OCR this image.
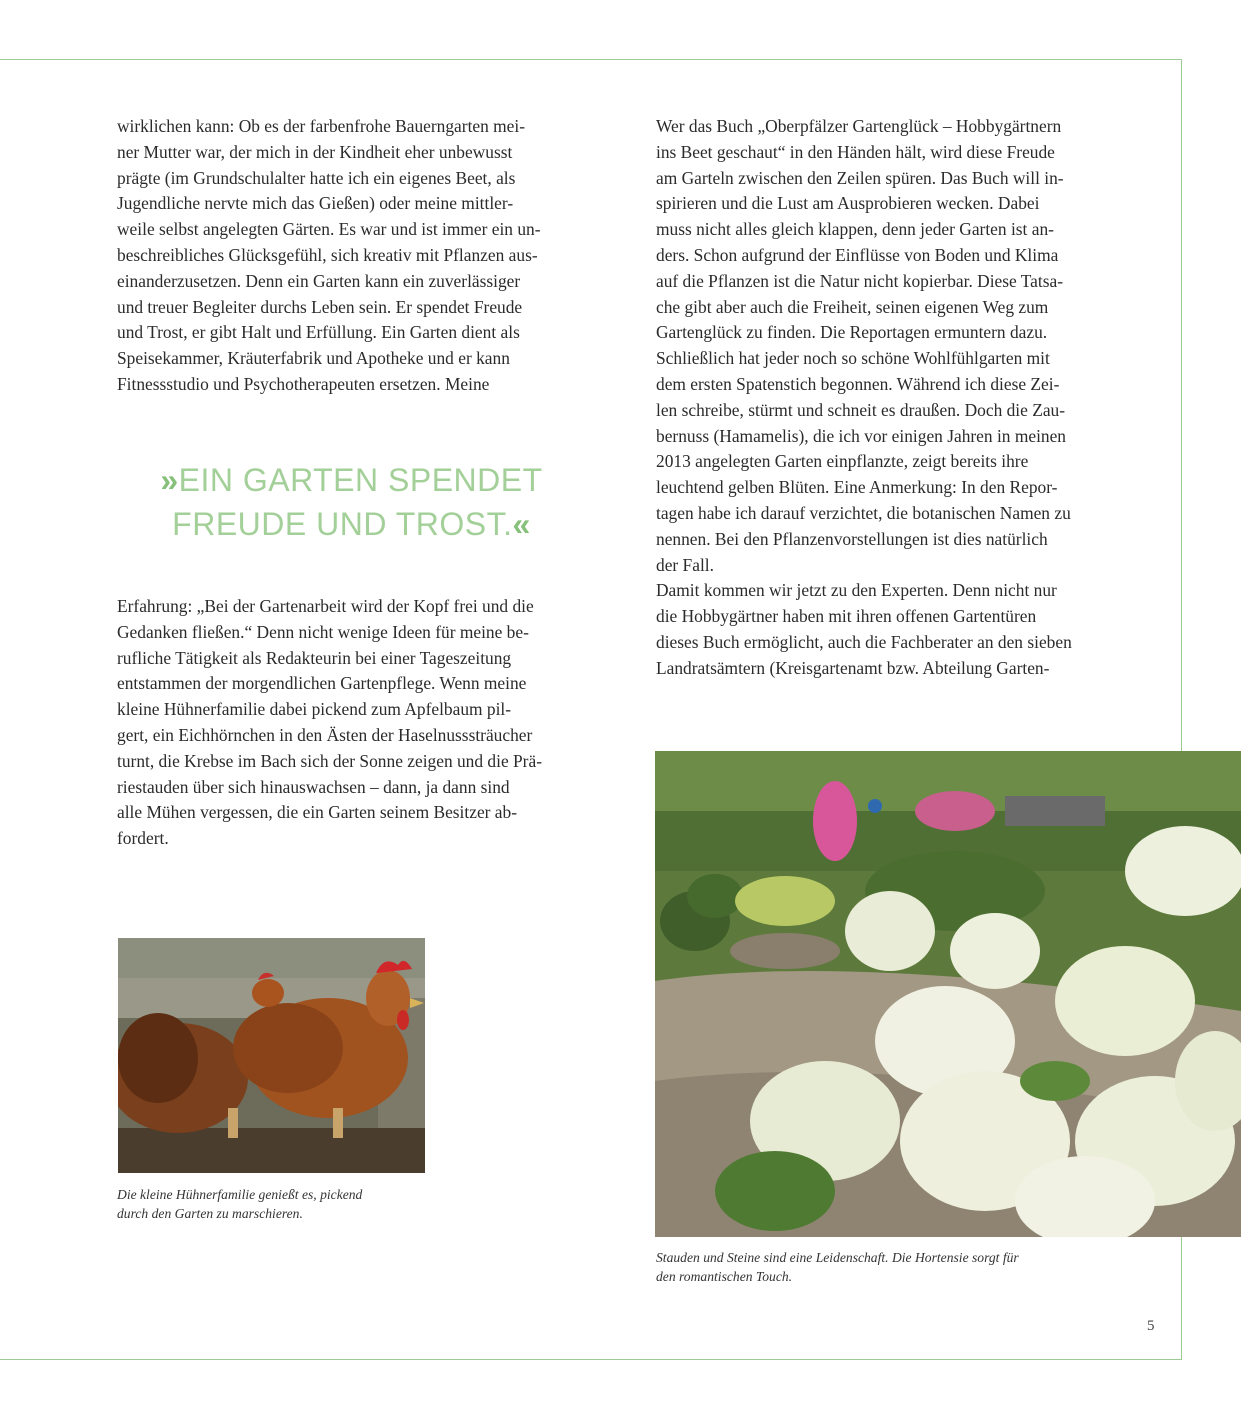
wirklichen kann: Ob es der farbenfrohe Bauerngarten mei-

ner Mutter war, der mich in der Kindheit eher unbewusst

prägte (im Grundschulalter hatte ich ein eigenes Beet, als

Jugendliche nervte mich das Gießen) oder meine mittler-

weile selbst angelegten Gärten. Es war und ist immer ein un-

beschreibliches Glücksgefühl, sich kreativ mit Pflanzen aus-

einanderzusetzen. Denn ein Garten kann ein zuverlässiger

und treuer Begleiter durchs Leben sein. Er spendet Freude

und Trost, er gibt Halt und Erfüllung. Ein Garten dient als

Speisekammer, Kräuterfabrik und Apotheke und er kann

Fitnessstudio und Psychotherapeuten ersetzen. Meine

»EIN GARTEN SPENDET
FREUDE UND TROST.«

Erfahrung: „Bei der Gartenarbeit wird der Kopf frei und die

Gedanken fließen.“ Denn nicht wenige Ideen für meine be-

rufliche Tätigkeit als Redakteurin bei einer Tageszeitung

entstammen der morgendlichen Gartenpflege. Wenn meine

kleine Hühnerfamilie dabei pickend zum Apfelbaum pil-

gert, ein Eichhörnchen in den Ästen der Haselnusssträucher

turnt, die Krebse im Bach sich der Sonne zeigen und die Prä-

riestauden über sich hinauswachsen – dann, ja dann sind

alle Mühen vergessen, die ein Garten seinem Besitzer ab-

fordert.

Wer das Buch „Oberpfälzer Gartenglück – Hobbygärtnern

ins Beet geschaut“ in den Händen hält, wird diese Freude

am Garteln zwischen den Zeilen spüren. Das Buch will in-

spirieren und die Lust am Ausprobieren wecken. Dabei

muss nicht alles gleich klappen, denn jeder Garten ist an-

ders. Schon aufgrund der Einflüsse von Boden und Klima

auf die Pflanzen ist die Natur nicht kopierbar. Diese Tatsa-

che gibt aber auch die Freiheit, seinen eigenen Weg zum

Gartenglück zu finden. Die Reportagen ermuntern dazu.

Schließlich hat jeder noch so schöne Wohlfühlgarten mit

dem ersten Spatenstich begonnen. Während ich diese Zei-

len schreibe, stürmt und schneit es draußen. Doch die Zau-

bernuss (Hamamelis), die ich vor einigen Jahren in meinen

2013 angelegten Garten einpflanzte, zeigt bereits ihre

leuchtend gelben Blüten. Eine Anmerkung: In den Repor-

tagen habe ich darauf verzichtet, die botanischen Namen zu

nennen. Bei den Pflanzenvorstellungen ist dies natürlich

der Fall.

Damit kommen wir jetzt zu den Experten. Denn nicht nur

die Hobbygärtner haben mit ihren offenen Gartentüren

dieses Buch ermöglicht, auch die Fachberater an den sieben

Landratsämtern (Kreisgartenamt bzw. Abteilung Garten-

Die kleine Hühnerfamilie genießt es, pickend
durch den Garten zu marschieren.
Stauden und Steine sind eine Leidenschaft. Die Hortensie sorgt für
den romantischen Touch.
5
